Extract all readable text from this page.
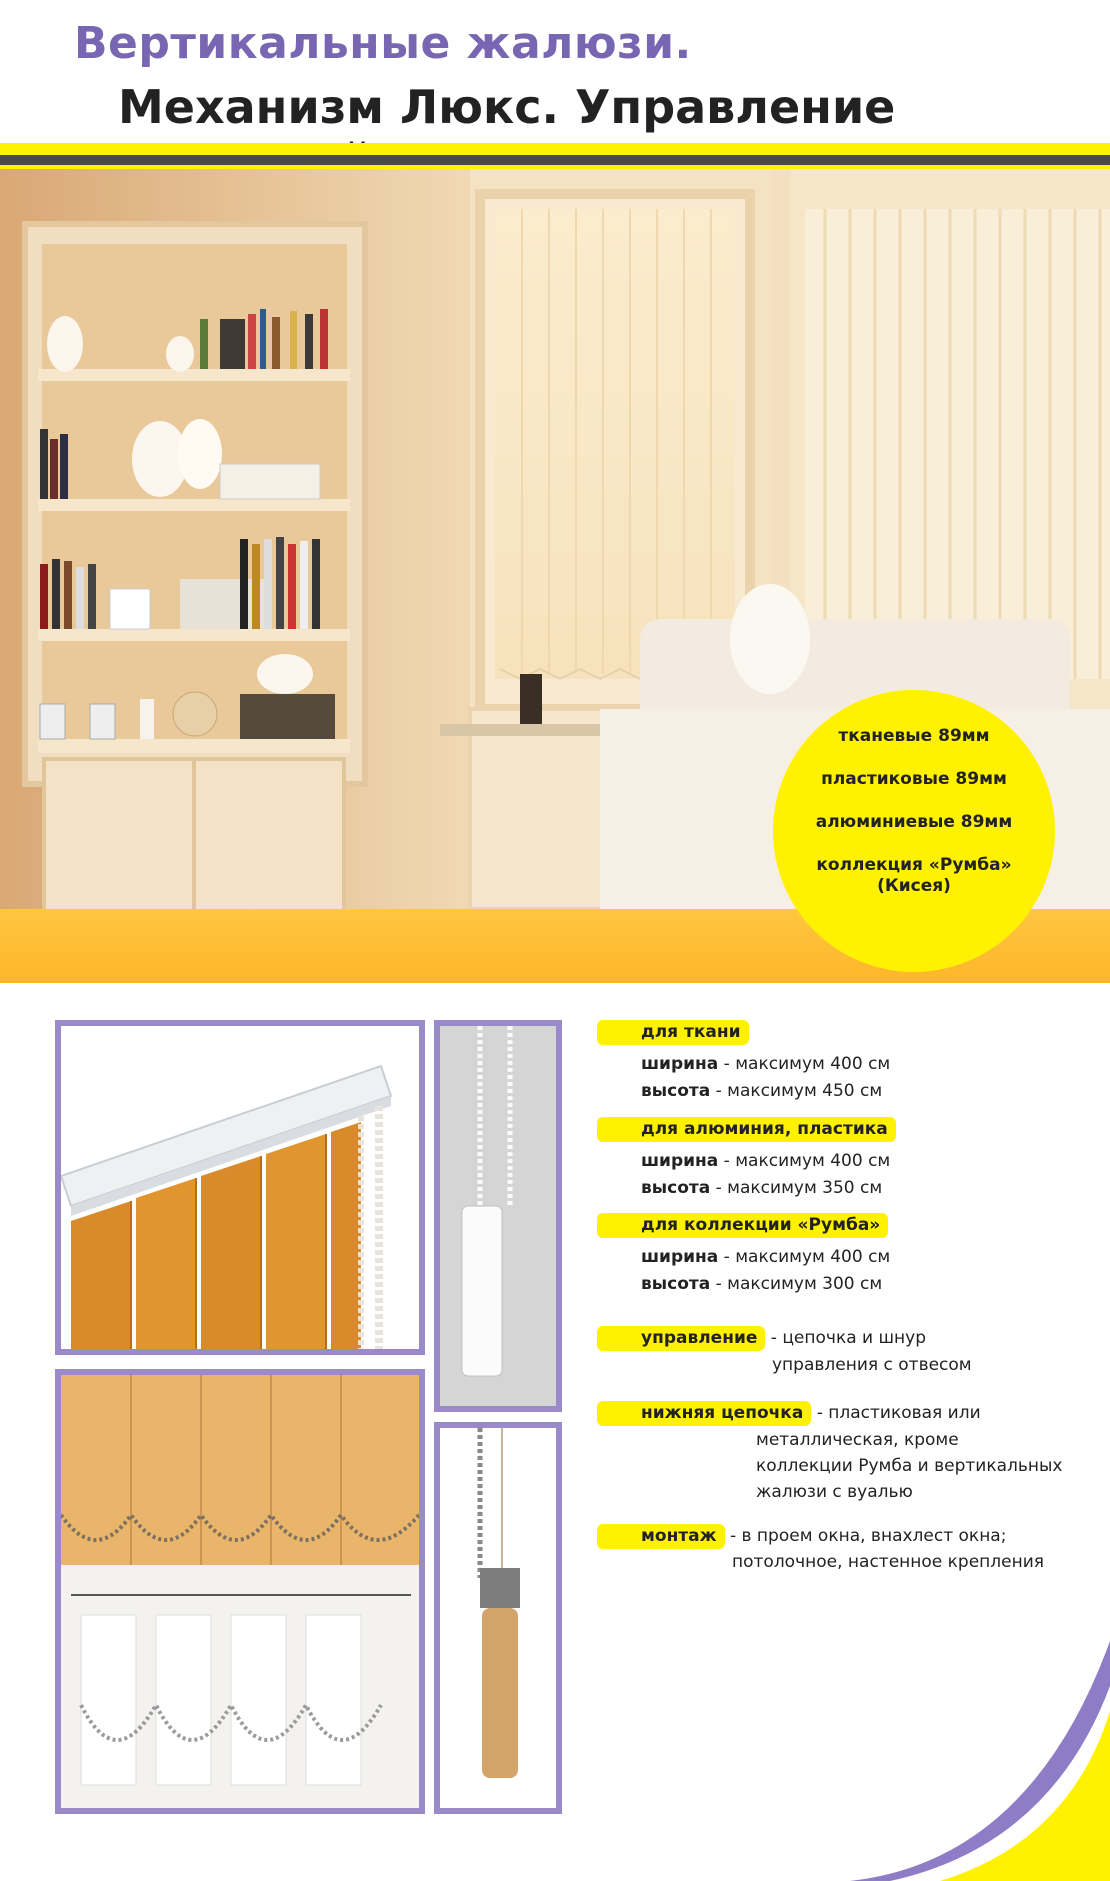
Вертикальные жалюзи.
Механизм Люкс. Управление
тканевые 89мм
пластиковые 89мм
алюминиевые 89мм
коллекция «Румба»
(Кисея)
для ткани
ширина - максимум 400 см
высота - максимум 450 см
для алюминия, пластика
ширина - максимум 400 см
высота - максимум 350 см
для коллекции «Румба»
ширина - максимум 400 см
высота - максимум 300 см
управление - цепочка и шнур
управления с отвесом
нижняя цепочка - пластиковая или
металлическая, кроме
коллекции Румба и вертикальных
жалюзи с вуалью
монтаж - в проем окна, внахлест окна;
потолочное, настенное крепления
